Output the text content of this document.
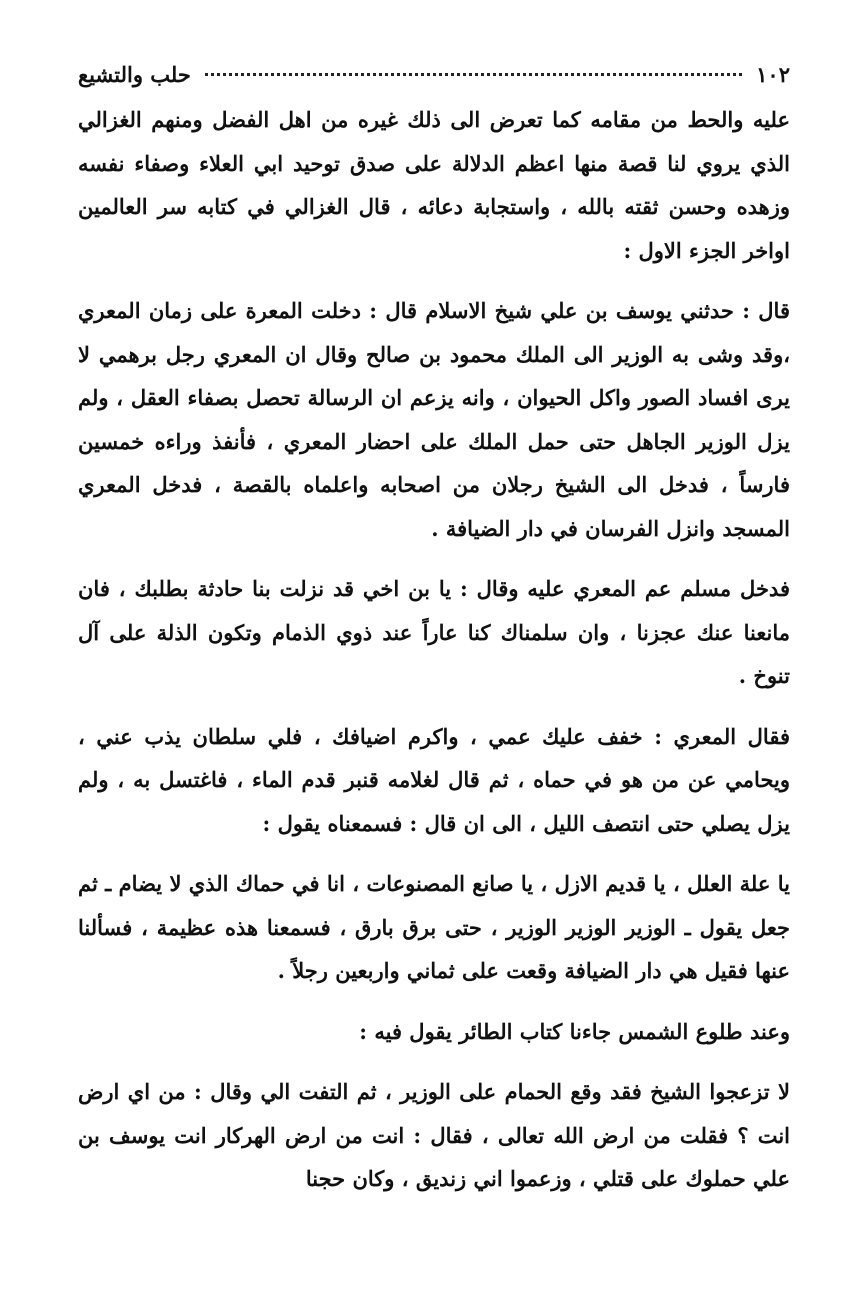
١٠٢
حلب والتشيع

عليه والحط من مقامه كما تعرض الى ذلك غيره من اهل الفضل ومنهم الغزالي الذي يروي لنا قصة منها اعظم الدلالة على صدق توحيد ابي العلاء وصفاء نفسه وزهده وحسن ثقته بالله ، واستجابة دعائه ، قال الغزالي في كتابه سر العالمين اواخر الجزء الاول :

قال : حدثني يوسف بن علي شيخ الاسلام قال : دخلت المعرة على زمان المعري ،وقد وشى به الوزير الى الملك محمود بن صالح وقال ان المعري رجل برهمي لا يرى افساد الصور واكل الحيوان ، وانه يزعم ان الرسالة تحصل بصفاء العقل ، ولم يزل الوزير الجاهل حتى حمل الملك على احضار المعري ، فأنفذ وراءه خمسين فارساً ، فدخل الى الشيخ رجلان من اصحابه واعلماه بالقصة ، فدخل المعري المسجد وانزل الفرسان في دار الضيافة .

فدخل مسلم عم المعري عليه وقال : يا بن اخي قد نزلت بنا حادثة بطلبك ، فان مانعنا عنك عجزنا ، وان سلمناك كنا عاراً عند ذوي الذمام وتكون الذلة على آل تنوخ .

فقال المعري : خفف عليك عمي ، واكرم اضيافك ، فلي سلطان يذب عني ، ويحامي عن من هو في حماه ، ثم قال لغلامه قنبر قدم الماء ، فاغتسل به ، ولم يزل يصلي حتى انتصف الليل ، الى ان قال : فسمعناه يقول :

يا علة العلل ، يا قديم الازل ، يا صانع المصنوعات ، انا في حماك الذي لا يضام ـ ثم جعل يقول ـ الوزير الوزير الوزير ، حتى برق بارق ، فسمعنا هذه عظيمة ، فسألنا عنها فقيل هي دار الضيافة وقعت على ثماني واربعين رجلاً .

وعند طلوع الشمس جاءنا كتاب الطائر يقول فيه :

لا تزعجوا الشيخ فقد وقع الحمام على الوزير ، ثم التفت الي وقال : من اي ارض انت ؟ فقلت من ارض الله تعالى ، فقال : انت من ارض الهركار انت يوسف بن علي حملوك على قتلي ، وزعموا اني زنديق ، وكان حجنا
